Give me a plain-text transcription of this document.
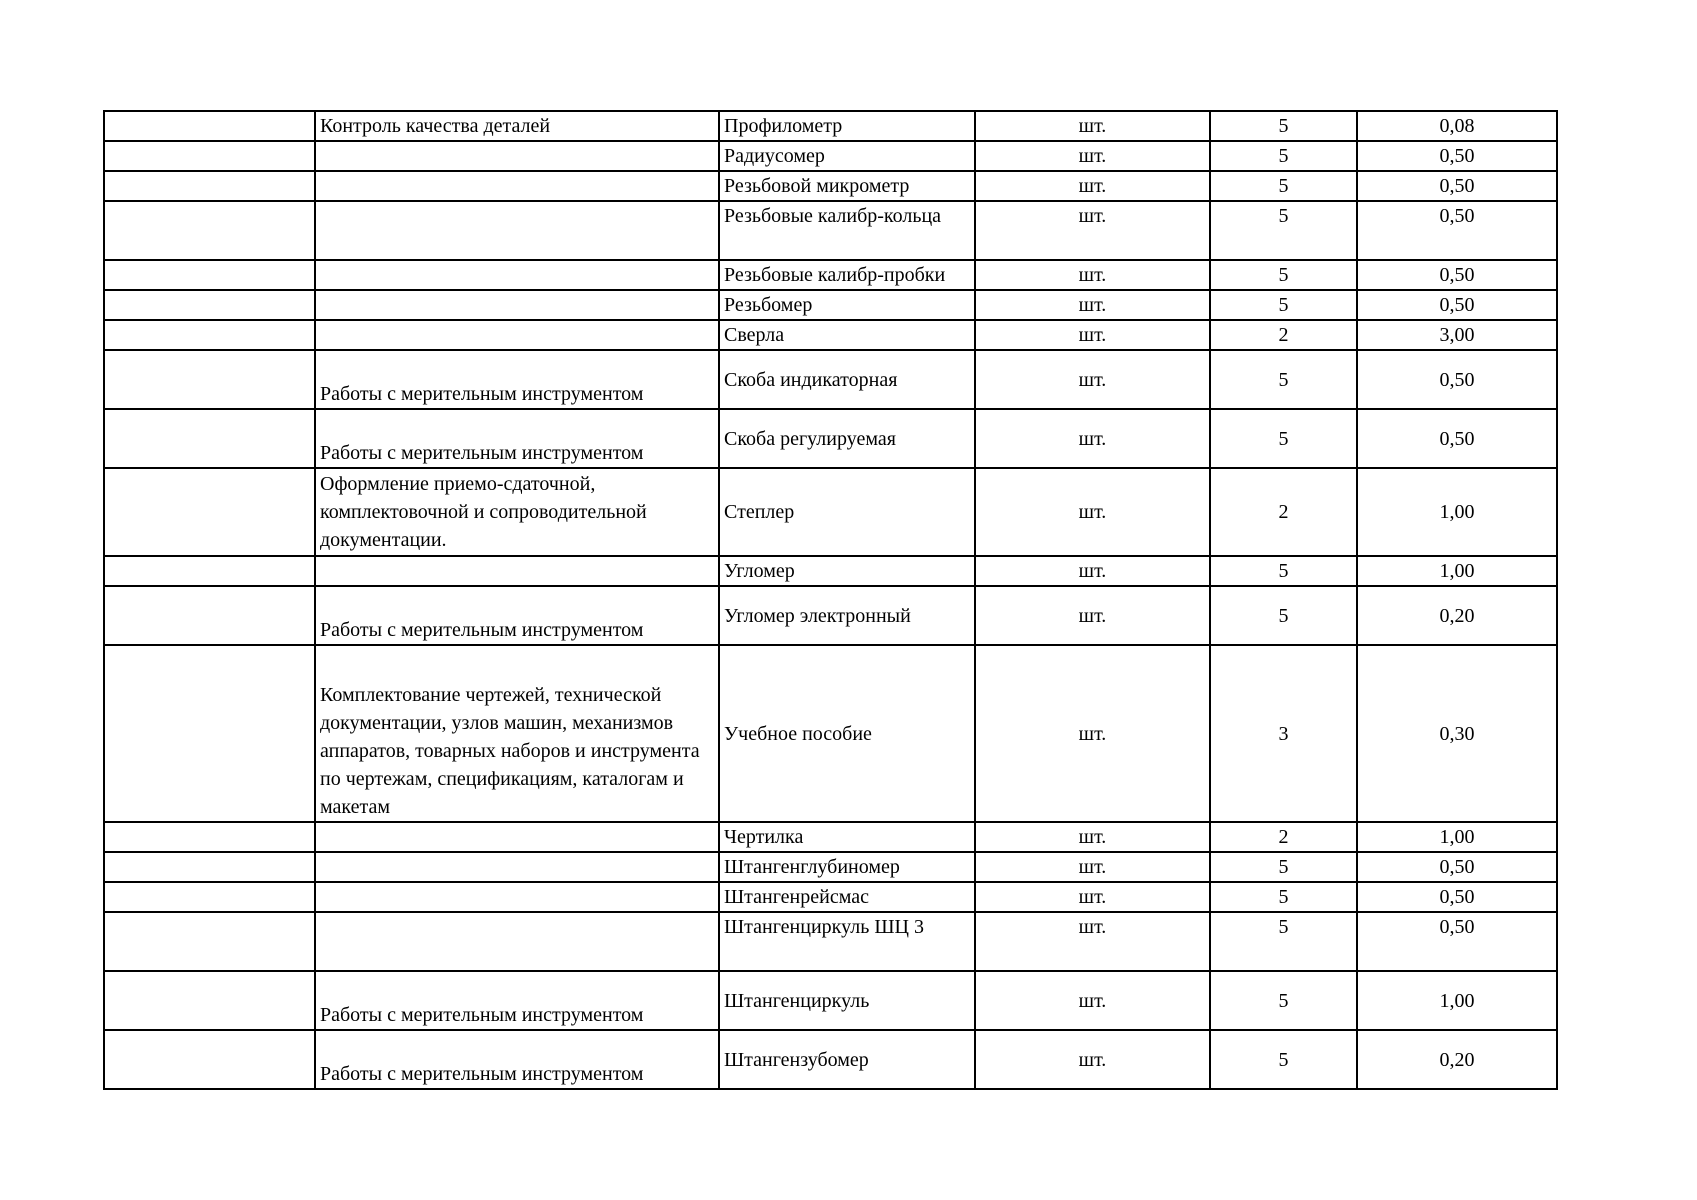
	Контроль качества деталей	Профилометр	шт.	5	0,08
		Радиусомер	шт.	5	0,50
		Резьбовой микрометр	шт.	5	0,50
		Резьбовые калибр-кольца	шт.	5	0,50
		Резьбовые калибр-пробки	шт.	5	0,50
		Резьбомер	шт.	5	0,50
		Сверла	шт.	2	3,00
	Работы с мерительным инструментом	Скоба индикаторная	шт.	5	0,50
	Работы с мерительным инструментом	Скоба регулируемая	шт.	5	0,50
	Оформление приемо-сдаточной, комплектовочной и сопроводительной документации.	Степлер	шт.	2	1,00
		Угломер	шт.	5	1,00
	Работы с мерительным инструментом	Угломер электронный	шт.	5	0,20
	Комплектование чертежей, технической документации, узлов машин, механизмов аппаратов, товарных наборов и инструмента по чертежам, спецификациям, каталогам и макетам	Учебное пособие	шт.	3	0,30
		Чертилка	шт.	2	1,00
		Штангенглубиномер	шт.	5	0,50
		Штангенрейсмас	шт.	5	0,50
		Штангенциркуль ШЦ 3	шт.	5	0,50
	Работы с мерительным инструментом	Штангенциркуль	шт.	5	1,00
	Работы с мерительным инструментом	Штангензубомер	шт.	5	0,20
